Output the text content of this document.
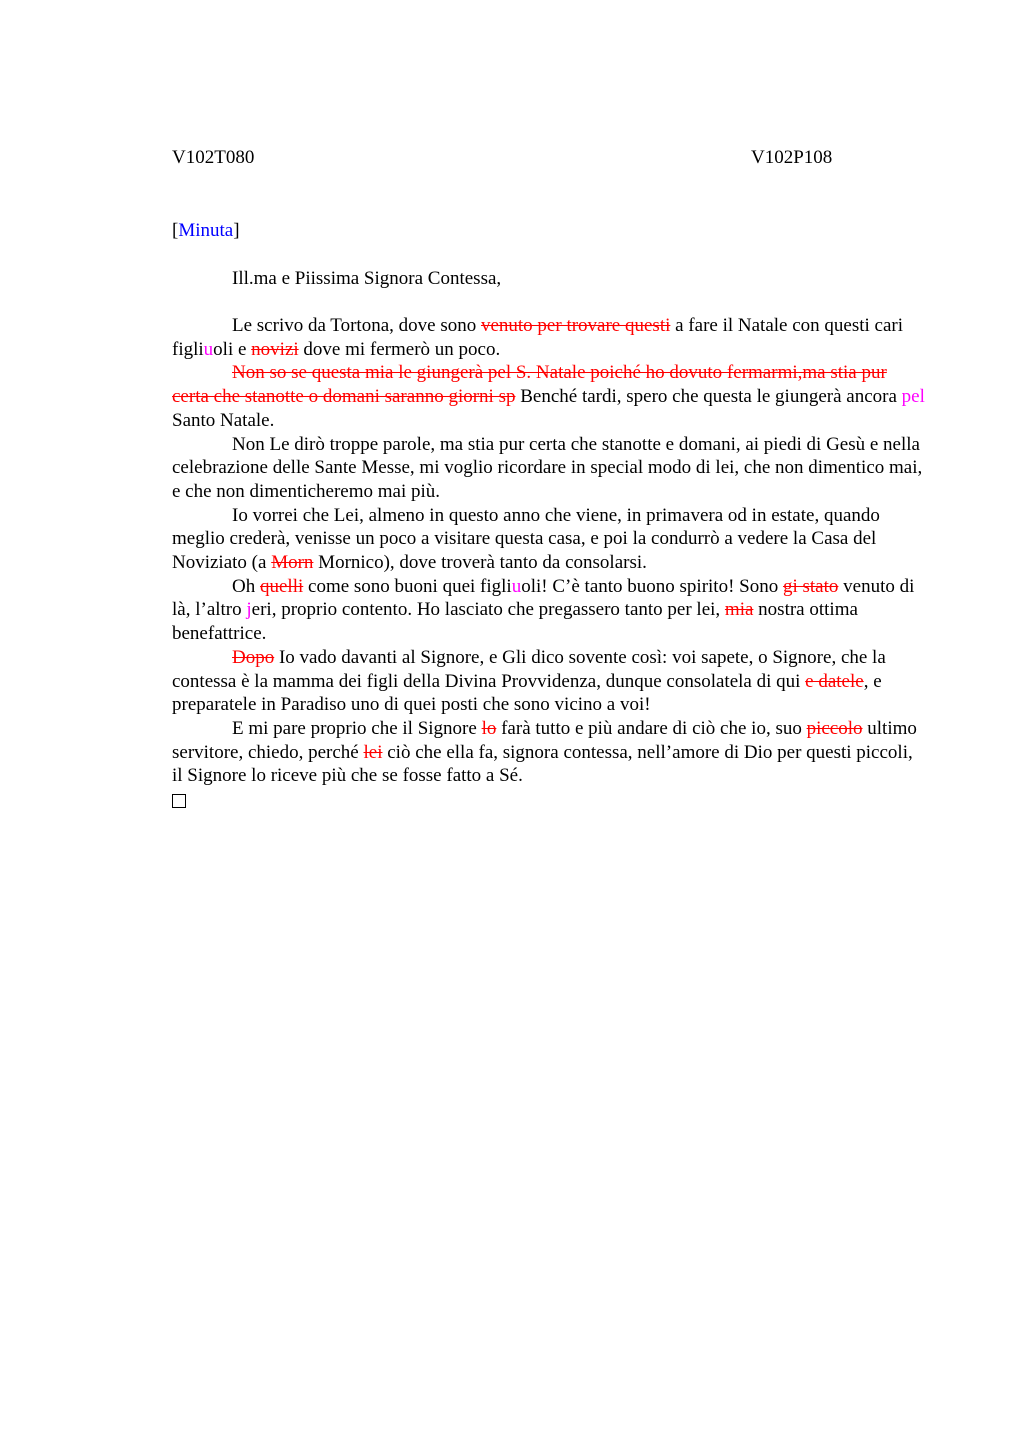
V102T080	V102P108
[Minuta]
Ill.ma e Piissima Signora Contessa,

Le scrivo da Tortona, dove sono venuto per trovare questi a fare il Natale con questi cari figliuoli e novizi dove mi fermerò un poco.

Non so se questa mia le giungerà pel S. Natale poiché ho dovuto fermarmi,ma stia pur certa che stanotte o domani saranno giorni sp Benché tardi, spero che questa le giungerà ancora pel Santo Natale.

Non Le dirò troppe parole, ma stia pur certa che stanotte e domani, ai piedi di Gesù e nella celebrazione delle Sante Messe, mi voglio ricordare in special modo di lei, che non dimentico mai, e che non dimenticheremo mai più.

Io vorrei che Lei, almeno in questo anno che viene, in primavera od in estate, quando meglio crederà, venisse un poco a visitare questa casa, e poi la condurrò a vedere la Casa del Noviziato (a Morn Mornico), dove troverà tanto da consolarsi.

Oh quelli come sono buoni quei figliuoli! C’è tanto buono spirito! Sono gi stato venuto di là, l’altro jeri, proprio contento. Ho lasciato che pregassero tanto per lei, mia nostra ottima benefattrice.

Dopo Io vado davanti al Signore, e Gli dico sovente così: voi sapete, o Signore, che la contessa è la mamma dei figli della Divina Provvidenza, dunque consolatela di qui e datele, e preparatele in Paradiso uno di quei posti che sono vicino a voi!

E mi pare proprio che il Signore lo farà tutto e più andare di ciò che io, suo piccolo ultimo servitore, chiedo, perché lei ciò che ella fa, signora contessa, nell’amore di Dio per questi piccoli, il Signore lo riceve più che se fosse fatto a Sé.
